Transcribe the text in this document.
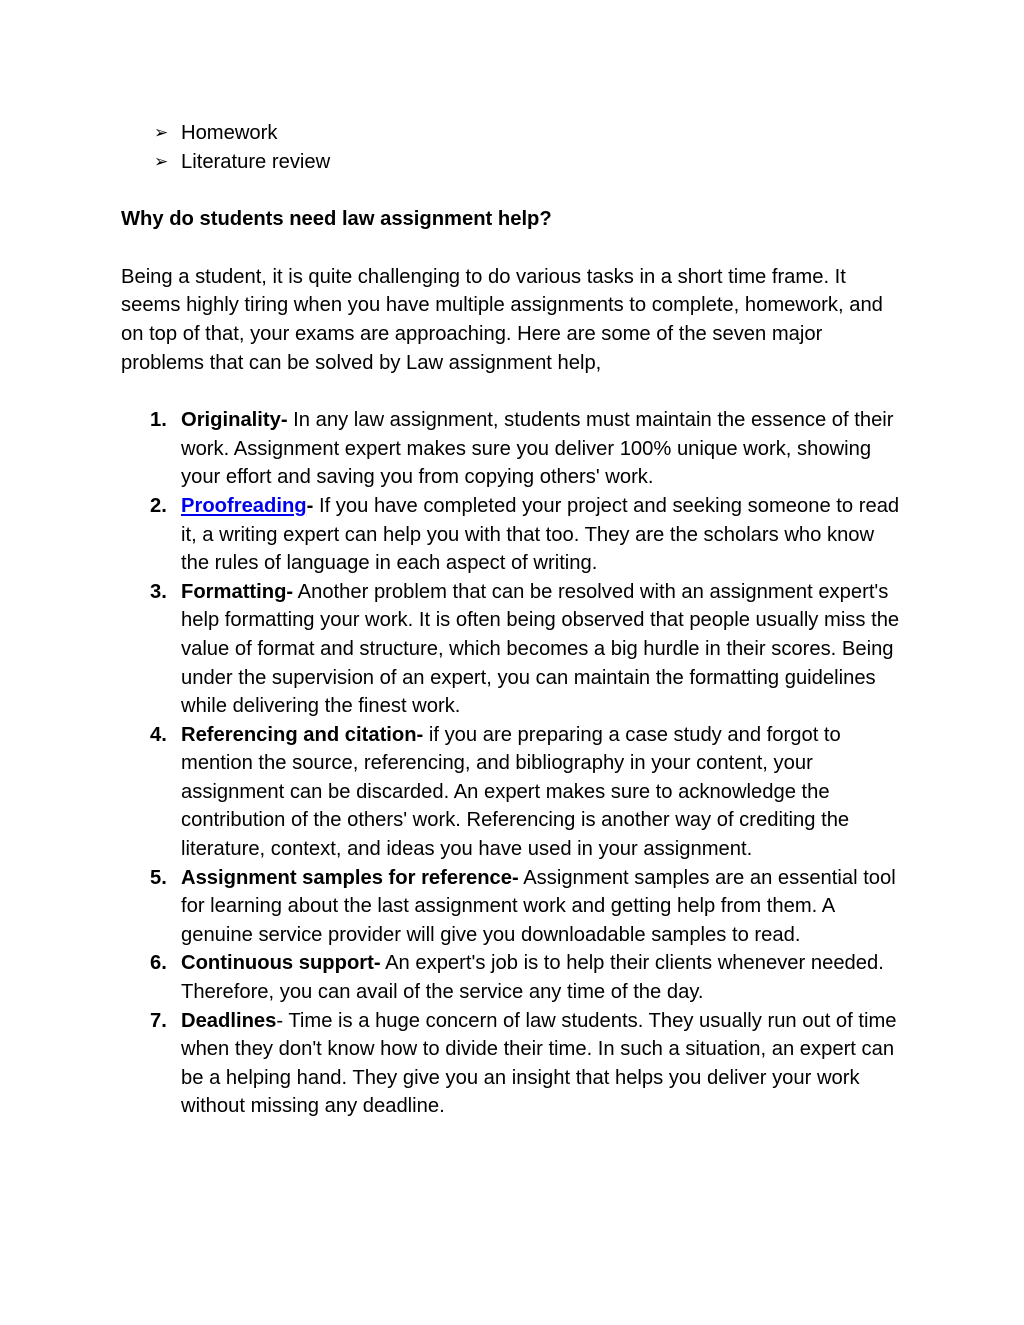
➢ Homework
➢ Literature review

Why do students need law assignment help?

Being a student, it is quite challenging to do various tasks in a short time frame. It seems highly tiring when you have multiple assignments to complete, homework, and on top of that, your exams are approaching. Here are some of the seven major problems that can be solved by Law assignment help,

1. Originality- In any law assignment, students must maintain the essence of their work. Assignment expert makes sure you deliver 100% unique work, showing your effort and saving you from copying others' work.
2. Proofreading- If you have completed your project and seeking someone to read it, a writing expert can help you with that too. They are the scholars who know the rules of language in each aspect of writing.
3. Formatting- Another problem that can be resolved with an assignment expert's help formatting your work. It is often being observed that people usually miss the value of format and structure, which becomes a big hurdle in their scores. Being under the supervision of an expert, you can maintain the formatting guidelines while delivering the finest work.
4. Referencing and citation- if you are preparing a case study and forgot to mention the source, referencing, and bibliography in your content, your assignment can be discarded. An expert makes sure to acknowledge the contribution of the others' work. Referencing is another way of crediting the literature, context, and ideas you have used in your assignment.
5. Assignment samples for reference- Assignment samples are an essential tool for learning about the last assignment work and getting help from them. A genuine service provider will give you downloadable samples to read.
6. Continuous support- An expert's job is to help their clients whenever needed. Therefore, you can avail of the service any time of the day.
7. Deadlines- Time is a huge concern of law students. They usually run out of time when they don't know how to divide their time. In such a situation, an expert can be a helping hand. They give you an insight that helps you deliver your work without missing any deadline.
